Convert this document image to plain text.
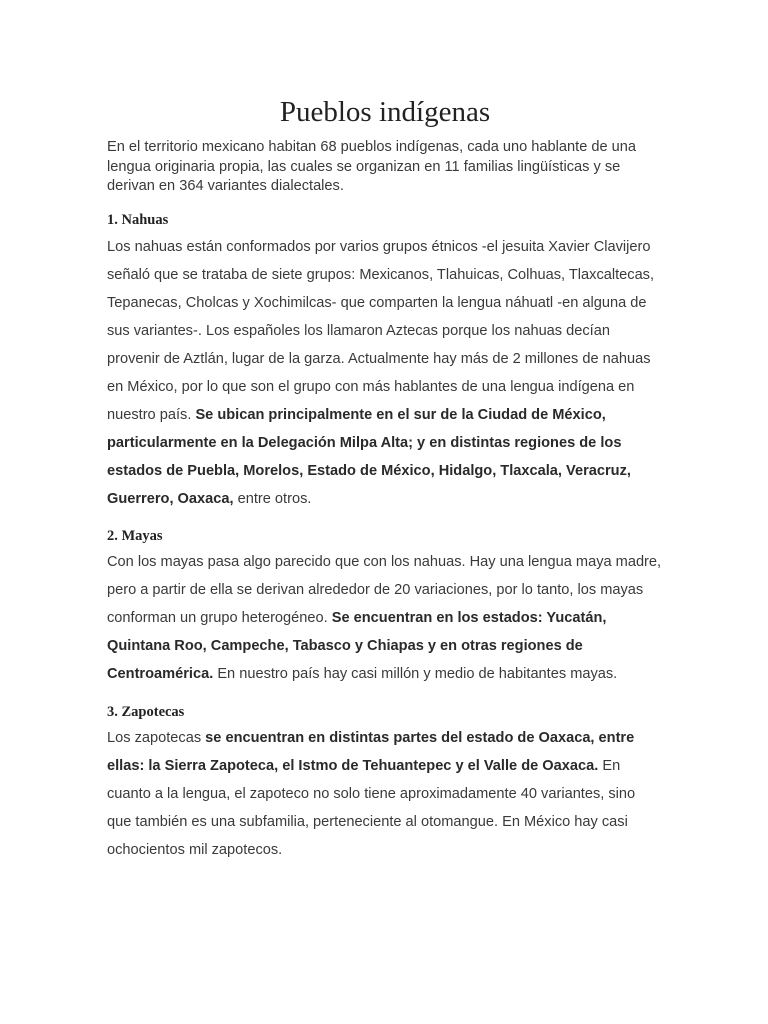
Pueblos indígenas

En el territorio mexicano habitan 68 pueblos indígenas, cada uno hablante de una lengua originaria propia, las cuales se organizan en 11 familias lingüísticas y se derivan en 364 variantes dialectales.

1. Nahuas

Los nahuas están conformados por varios grupos étnicos -el jesuita Xavier Clavijero señaló que se trataba de siete grupos: Mexicanos, Tlahuicas, Colhuas, Tlaxcaltecas, Tepanecas, Cholcas y Xochimilcas- que comparten la lengua náhuatl -en alguna de sus variantes-. Los españoles los llamaron Aztecas porque los nahuas decían provenir de Aztlán, lugar de la garza. Actualmente hay más de 2 millones de nahuas en México, por lo que son el grupo con más hablantes de una lengua indígena en nuestro país. Se ubican principalmente en el sur de la Ciudad de México, particularmente en la Delegación Milpa Alta; y en distintas regiones de los estados de Puebla, Morelos, Estado de México, Hidalgo, Tlaxcala, Veracruz, Guerrero, Oaxaca, entre otros.

2. Mayas

Con los mayas pasa algo parecido que con los nahuas. Hay una lengua maya madre, pero a partir de ella se derivan alrededor de 20 variaciones, por lo tanto, los mayas conforman un grupo heterogéneo. Se encuentran en los estados: Yucatán, Quintana Roo, Campeche, Tabasco y Chiapas y en otras regiones de Centroamérica. En nuestro país hay casi millón y medio de habitantes mayas.

3. Zapotecas

Los zapotecas se encuentran en distintas partes del estado de Oaxaca, entre ellas: la Sierra Zapoteca, el Istmo de Tehuantepec y el Valle de Oaxaca. En cuanto a la lengua, el zapoteco no solo tiene aproximadamente 40 variantes, sino que también es una subfamilia, perteneciente al otomangue. En México hay casi ochocientos mil zapotecos.
